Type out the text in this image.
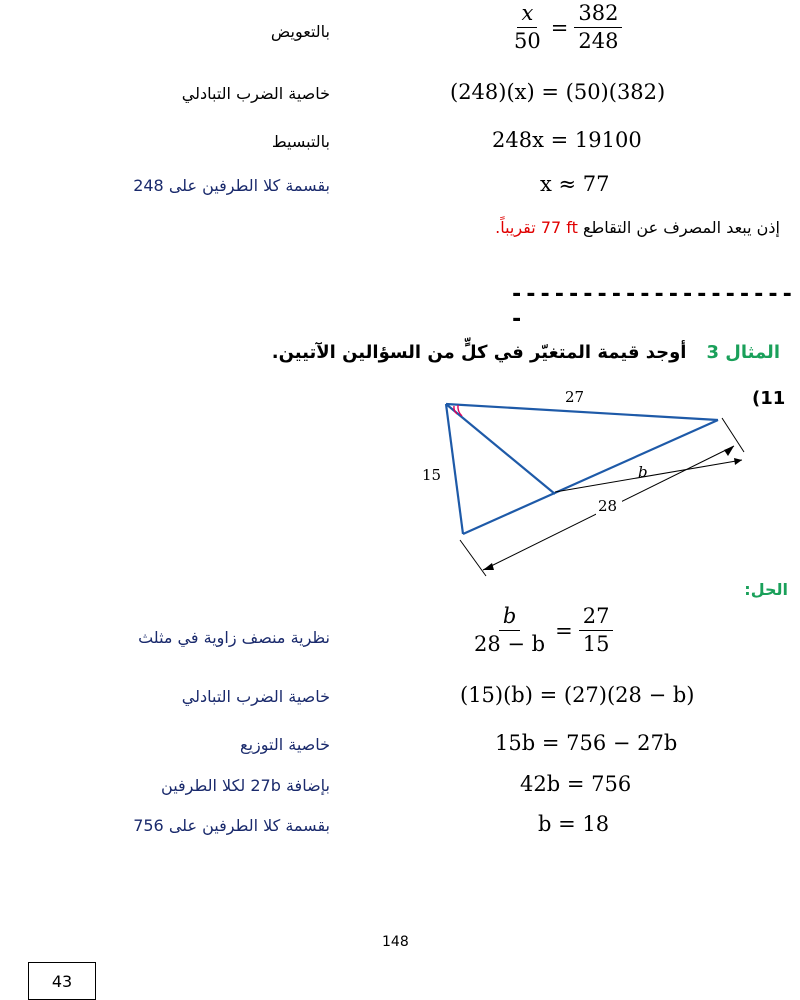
بالتعويض	$\frac{x}{50} = \frac{382}{248}$
خاصية الضرب التبادلي	(248)(x) = (50)(382)
بالتبسيط	248x = 19100
بقسمة كلا الطرفين على 248	x ≈ 77
إذن يبعد المصرف عن التقاطع 77 ft تقريباً.
---------------------
المثال 3أوجد قيمة المتغيّر في كلٍّ من السؤالين الآتيين.
(11
27
15	b
28
الحل:
نظرية منصف زاوية في مثلث	$\frac{b}{28 - b} = \frac{27}{15}$
خاصية الضرب التبادلي	(15)(b) = (27)(28 − b)
خاصية التوزيع	15b = 756 − 27b
بإضافة 27b لكلا الطرفين	42b = 756
بقسمة كلا الطرفين على 756	b = 18
148
43
